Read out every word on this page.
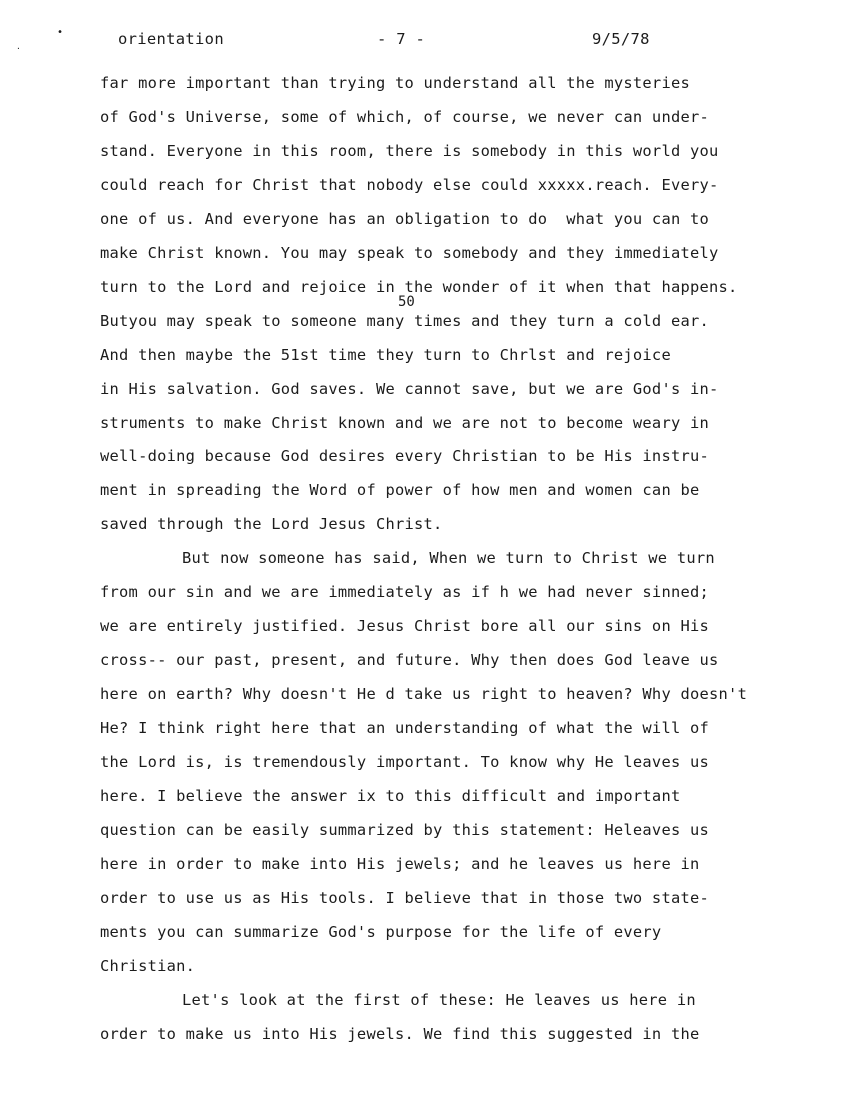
•
·
orientation	- 7 -	9/5/78
50
far more important than trying to understand all the mysteries
of God's Universe, some of which, of course, we never can under-
stand. Everyone in this room, there is somebody in this world you
could reach for Christ that nobody else could xxxxx.reach. Every-
one of us. And everyone has an obligation to do  what you can to
make Christ known. You may speak to somebody and they immediately
turn to the Lord and rejoice in the wonder of it when that happens.
Butyou may speak to someone many times and they turn a cold ear.
And then maybe the 51st time they turn to Chrlst and rejoice
in His salvation. God saves. We cannot save, but we are God's in-
struments to make Christ known and we are not to become weary in
well-doing because God desires every Christian to be His instru-
ment in spreading the Word of power of how men and women can be
saved through the Lord Jesus Christ.
But now someone has said, When we turn to Christ we turn
from our sin and we are immediately as if h we had never sinned;
we are entirely justified. Jesus Christ bore all our sins on His
cross-- our past, present, and future. Why then does God leave us
here on earth? Why doesn't He d take us right to heaven? Why doesn't
He? I think right here that an understanding of what the will of
the Lord is, is tremendously important. To know why He leaves us
here. I believe the answer ix to this difficult and important
question can be easily summarized by this statement: Heleaves us
here in order to make into His jewels; and he leaves us here in
order to use us as His tools. I believe that in those two state-
ments you can summarize God's purpose for the life of every
Christian.
Let's look at the first of these: He leaves us here in
order to make us into His jewels. We find this suggested in the
